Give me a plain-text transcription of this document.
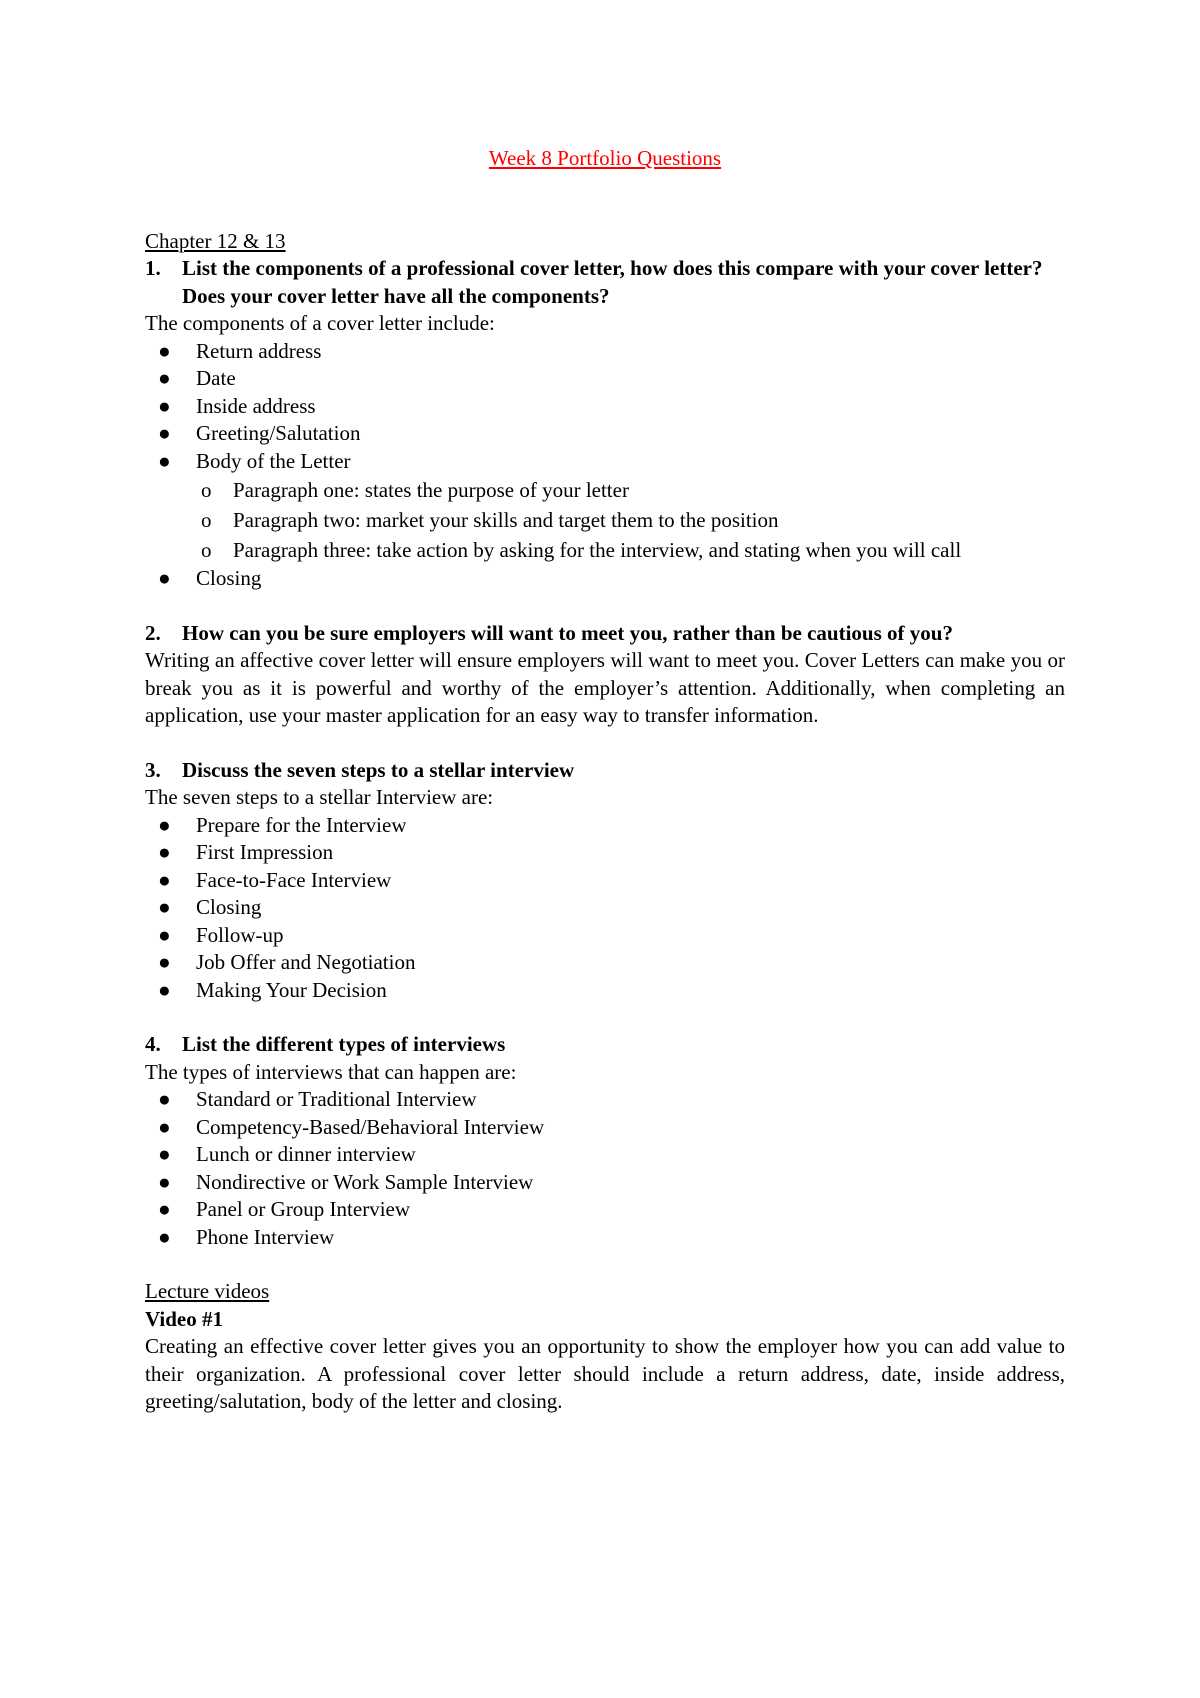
Week 8 Portfolio Questions

Chapter 12 & 13

1.	List the components of a professional cover letter, how does this compare with your cover letter? Does your cover letter have all the components?

The components of a cover letter include:

●	Return address
●	Date
●	Inside address
●	Greeting/Salutation
●	Body of the Letter
o	Paragraph one: states the purpose of your letter
o	Paragraph two: market your skills and target them to the position
o	Paragraph three: take action by asking for the interview, and stating when you will call
●	Closing
2.	How can you be sure employers will want to meet you, rather than be cautious of you?

Writing an affective cover letter will ensure employers will want to meet you. Cover Letters can make you or break you as it is powerful and worthy of the employer’s attention. Additionally, when completing an application, use your master application for an easy way to transfer information.

3.	Discuss the seven steps to a stellar interview

The seven steps to a stellar Interview are:

●	Prepare for the Interview
●	First Impression
●	Face-to-Face Interview
●	Closing
●	Follow-up
●	Job Offer and Negotiation
●	Making Your Decision
4.	List the different types of interviews

The types of interviews that can happen are:

●	Standard or Traditional Interview
●	Competency-Based/Behavioral Interview
●	Lunch or dinner interview
●	Nondirective or Work Sample Interview
●	Panel or Group Interview
●	Phone Interview

Lecture videos

Video #1

Creating an effective cover letter gives you an opportunity to show the employer how you can add value to their organization. A professional cover letter should include a return address, date, inside address, greeting/salutation, body of the letter and closing.
